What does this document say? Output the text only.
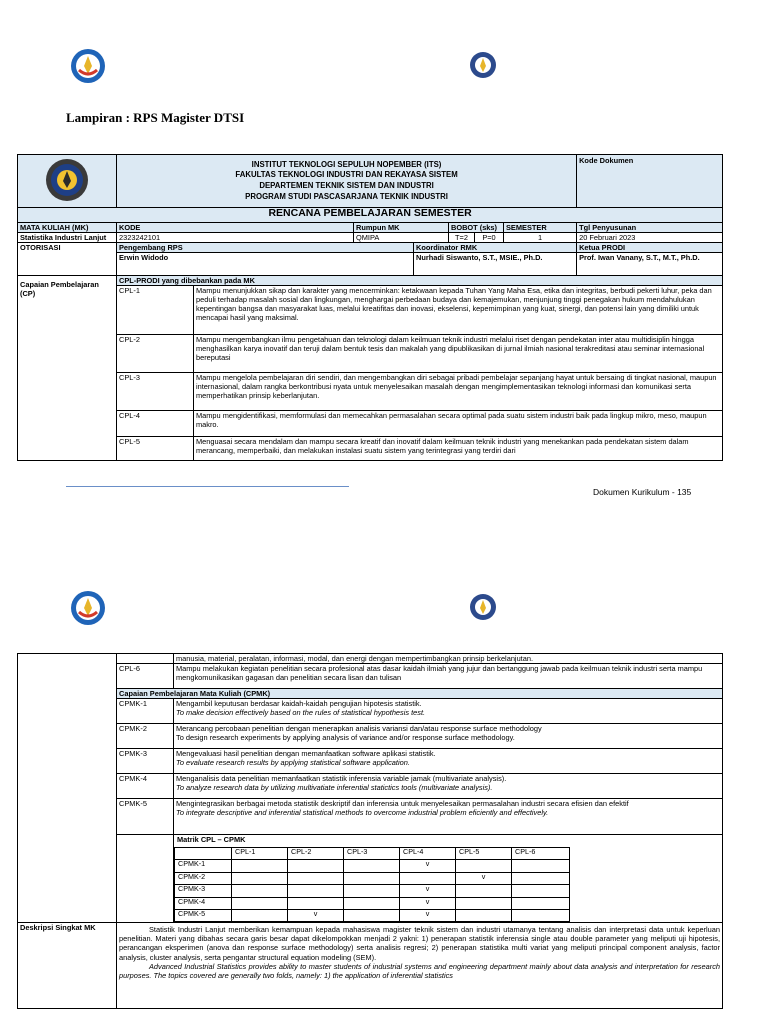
Lampiran : RPS Magister DTSI

INSTITUT TEKNOLOGI SEPULUH NOPEMBER (ITS)
FAKULTAS TEKNOLOGI INDUSTRI DAN REKAYASA SISTEM
DEPARTEMEN TEKNIK SISTEM DAN INDUSTRI
PROGRAM STUDI PASCASARJANA TEKNIK INDUSTRI							Kode Dokumen
RENCANA PEMBELAJARAN SEMESTER								
MATA KULIAH (MK)	KODE		Rumpun MK		BOBOT (sks)		SEMESTER	Tgl Penyusunan
Statistika Industri Lanjut	2323242101		QMIPA		T=2	P=0	1	20 Februari 2023
OTORISASI	Pengembang RPS			Koordinator RMK				Ketua PRODI
	Erwin Widodo			Nurhadi Siswanto, S.T., MSIE., Ph.D.				Prof. Iwan Vanany, S.T., M.T., Ph.D.
Capaian Pembelajaran (CP)	CPL-PRODI yang dibebankan pada MK							
	CPL-1	Mampu menunjukkan sikap dan karakter yang mencerminkan: ketakwaan kepada Tuhan Yang Maha Esa, etika dan integritas, berbudi pekerti luhur, peka dan peduli terhadap masalah sosial dan lingkungan, menghargai perbedaan budaya dan kemajemukan, menjunjung tinggi penegakan hukum mendahulukan kepentingan bangsa dan masyarakat luas, melalui kreatifitas dan inovasi, ekselensi, kepemimpinan yang kuat, sinergi, dan potensi lain yang dimiliki untuk mencapai hasil yang maksimal.						
	CPL-2	Mampu mengembangkan ilmu pengetahuan dan teknologi dalam keilmuan teknik industri melalui riset dengan pendekatan inter atau multidisiplin hingga menghasilkan karya inovatif dan teruji dalam bentuk tesis dan makalah yang dipublikasikan di jurnal ilmiah nasional terakreditasi atau seminar internasional bereputasi						
	CPL-3	Mampu mengelola pembelajaran diri sendiri, dan mengembangkan diri sebagai pribadi pembelajar sepanjang hayat untuk bersaing di tingkat nasional, maupun internasional, dalam rangka berkontribusi nyata untuk menyelesaikan masalah dengan mengimplementasikan teknologi informasi dan komunikasi serta memperhatikan prinsip keberlanjutan.						
	CPL-4	Mampu mengidentifikasi, memformulasi dan memecahkan permasalahan secara optimal pada suatu sistem industri baik pada lingkup mikro, meso, maupun makro.						
	CPL-5	Menguasai secara mendalam dan mampu secara kreatif dan inovatif dalam keilmuan teknik industri yang menekankan pada pendekatan sistem dalam merancang, memperbaiki, dan melakukan instalasi suatu sistem yang terintegrasi yang terdiri dari						
Dokumen Kurikulum - 135
		manusia, material, peralatan, informasi, modal, dan energi dengan mempertimbangkan prinsip berkelanjutan.
CPL-6	Mampu melakukan kegiatan penelitian secara profesional atas dasar kaidah ilmiah yang jujur dan bertanggung jawab pada keilmuan teknik industri serta mampu mengkomunikasikan gagasan dan penelitian secara lisan dan tulisan
Capaian Pembelajaran Mata Kuliah (CPMK)
CPMK-1	Mengambil keputusan berdasar kaidah-kaidah pengujian hipotesis statistik.
To make decision effectively based on the rules of statistical hypothesis test.

CPMK-2	Merancang percobaan penelitian dengan menerapkan analisis variansi dan/atau response surface methodology
To design research experiments by applying analysis of variance and/or response surface methodology.

CPMK-3	Mengevaluasi hasil penelitian dengan memanfaatkan software aplikasi statistik.
To evaluate research results by applying statistical software application.

CPMK-4	Menganalisis data penelitian memanfaatkan statistik inferensia variable jamak (multivariate analysis).
To analyze research data by utilizing multivatiate inferential statictics tools (multivariate analysis).

CPMK-5	Mengintegrasikan berbagai metoda statistik deskriptif dan inferensia untuk menyelesaikan permasalahan industri secara efisien dan efektif
To integrate descriptive and inferential statistical methods to overcome industrial problem eficiently and effectively.

Matrik CPL – CPMK
	CPL-1	CPL-2	CPL-3	CPL-4	CPL-5	CPL-6
CPMK-1				v		
CPMK-2					v	
CPMK-3				v		
CPMK-4				v		
CPMK-5		v		v		

Deskripsi Singkat MK	Statistik Industri Lanjut memberikan kemampuan kepada mahasiswa magister teknik sistem dan industri utamanya tentang analisis dan interpretasi data untuk keperluan penelitian. Materi yang dibahas secara garis besar dapat dikelompokkan menjadi 2 yakni: 1) penerapan statistik inferensia single atau double parameter yang meliputi uji hipotesis, perancangan eksperimen (anova dan response surface methodology) serta analisis regresi; 2) penerapan statistika multi variat yang meliputi principal component analysis, factor analysis, cluster analysis, serta pengantar structural equation modeling (SEM).
Advanced Industrial Statistics provides ability to master students of industrial systems and engineering department mainly about data analysis and interpretation for research purposes. The topics covered are generally two folds, namely: 1) the application of inferential statistics
